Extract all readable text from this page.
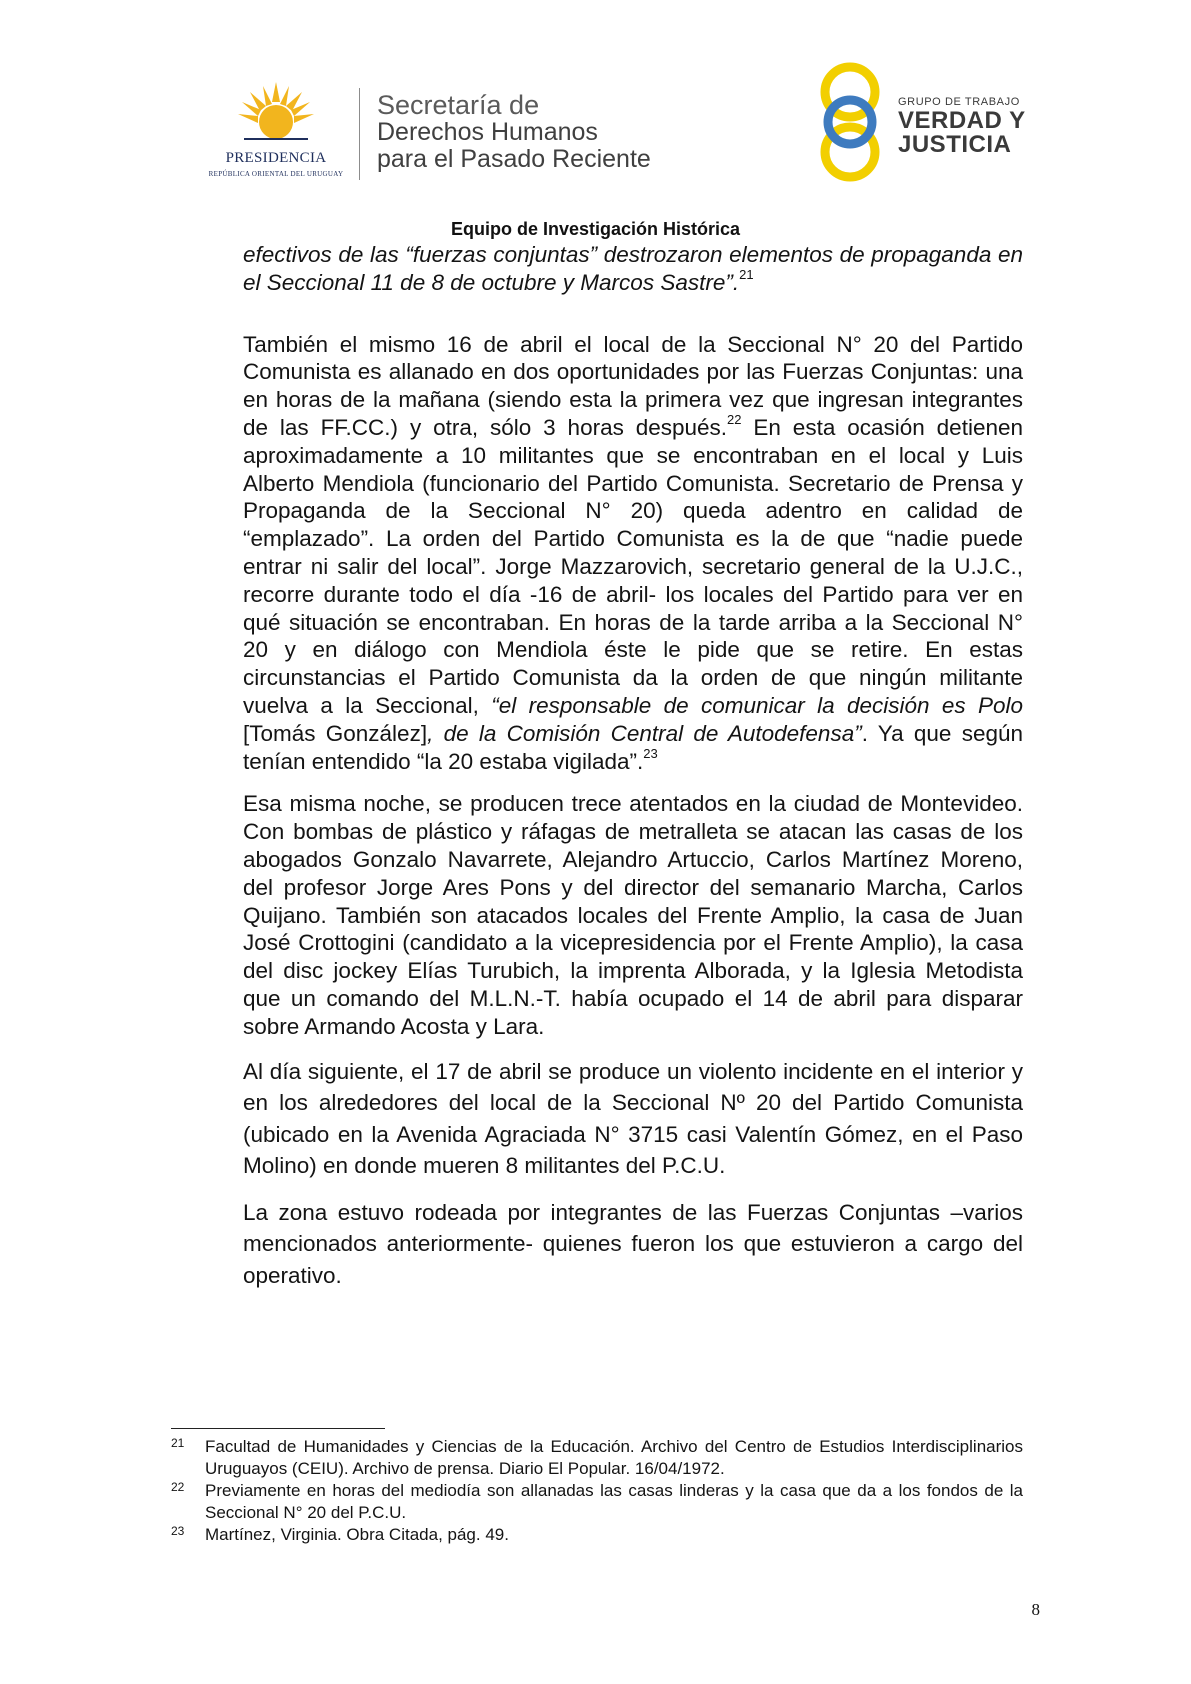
PRESIDENCIA
REPÚBLICA ORIENTAL DEL URUGUAY
Secretaría de
Derechos Humanos
para el Pasado Reciente
GRUPO DE TRABAJO
VERDAD Y
JUSTICIA
Equipo de Investigación Histórica

efectivos de las “fuerzas conjuntas” destrozaron elementos de propaganda en el Seccional 11 de 8 de octubre y Marcos Sastre”.$^{21}$

También el mismo 16 de abril el local de la Seccional N° 20 del Partido Comunista es allanado en dos oportunidades por las Fuerzas Conjuntas: una en horas de la mañana (siendo esta la primera vez que ingresan integrantes de las FF.CC.) y otra, sólo 3 horas después.$^{22}$ En esta ocasión detienen aproximadamente a 10 militantes que se encontraban en el local y Luis Alberto Mendiola (funcionario del Partido Comunista. Secretario de Prensa y Propaganda de la Seccional N° 20) queda adentro en calidad de “emplazado”. La orden del Partido Comunista es la de que “nadie puede entrar ni salir del local”. Jorge Mazzarovich, secretario general de la U.J.C., recorre durante todo el día -16 de abril- los locales del Partido para ver en qué situación se encontraban. En horas de la tarde arriba a la Seccional N° 20 y en diálogo con Mendiola éste le pide que se retire. En estas circunstancias el Partido Comunista da la orden de que ningún militante vuelva a la Seccional, “el responsable de comunicar la decisión es Polo [Tomás González], de la Comisión Central de Autodefensa”. Ya que según tenían entendido “la 20 estaba vigilada”.$^{23}$

Esa misma noche, se producen trece atentados en la ciudad de Montevideo. Con bombas de plástico y ráfagas de metralleta se atacan las casas de los abogados Gonzalo Navarrete, Alejandro Artuccio, Carlos Martínez Moreno, del profesor Jorge Ares Pons y del director del semanario Marcha, Carlos Quijano. También son atacados locales del Frente Amplio, la casa de Juan José Crottogini (candidato a la vicepresidencia por el Frente Amplio), la casa del disc jockey Elías Turubich, la imprenta Alborada, y la Iglesia Metodista que un comando del M.L.N.-T. había ocupado el 14 de abril para disparar sobre Armando Acosta y Lara.

Al día siguiente, el 17 de abril se produce un violento incidente en el interior y en los alrededores del local de la Seccional Nº 20 del Partido Comunista (ubicado en la Avenida Agraciada N° 3715 casi Valentín Gómez, en el Paso Molino) en donde mueren 8 militantes del P.C.U.

La zona estuvo rodeada por integrantes de las Fuerzas Conjuntas –varios mencionados anteriormente- quienes fueron los que estuvieron a cargo del operativo.

21	Facultad de Humanidades y Ciencias de la Educación. Archivo del Centro de Estudios Interdisciplinarios Uruguayos (CEIU). Archivo de prensa. Diario El Popular. 16/04/1972.
22	Previamente en horas del mediodía son allanadas las casas linderas y la casa que da a los fondos de la Seccional N° 20 del P.C.U.
23	Martínez, Virginia. Obra Citada, pág. 49.
8
